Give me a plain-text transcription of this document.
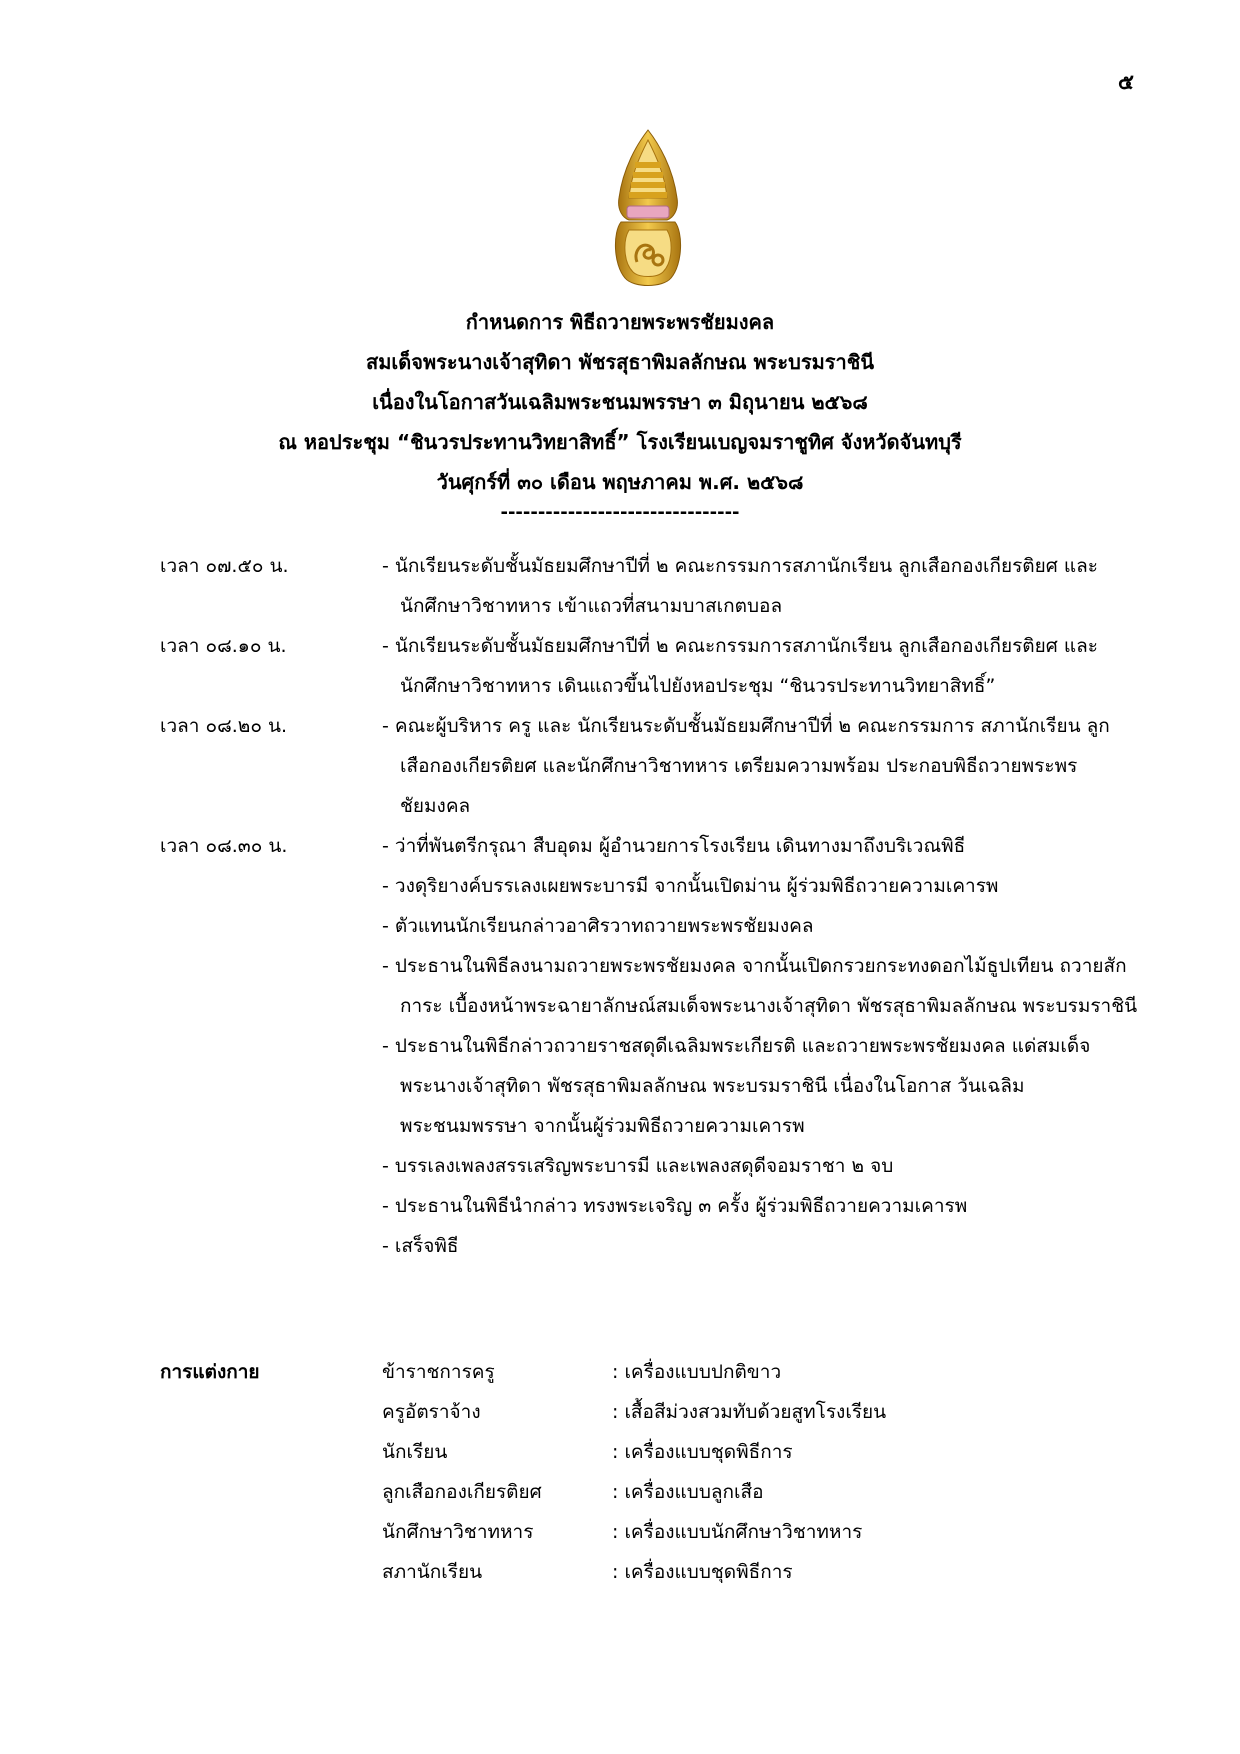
๕
กำหนดการ พิธีถวายพระพรชัยมงคล
สมเด็จพระนางเจ้าสุทิดา พัชรสุธาพิมลลักษณ พระบรมราชินี
เนื่องในโอกาสวันเฉลิมพระชนมพรรษา ๓ มิถุนายน ๒๕๖๘
ณ หอประชุม “ชินวรประทานวิทยาสิทธิ์” โรงเรียนเบญจมราชูทิศ จังหวัดจันทบุรี
วันศุกร์ที่ ๓๐ เดือน พฤษภาคม พ.ศ. ๒๕๖๘
--------------------------------
เวลา ๐๗.๕๐ น.	- นักเรียนระดับชั้นมัธยมศึกษาปีที่ ๒ คณะกรรมการสภานักเรียน ลูกเสือกองเกียรติยศ และนักศึกษาวิชาทหาร เข้าแถวที่สนามบาสเกตบอล
เวลา ๐๘.๑๐ น.	- นักเรียนระดับชั้นมัธยมศึกษาปีที่ ๒ คณะกรรมการสภานักเรียน ลูกเสือกองเกียรติยศ และนักศึกษาวิชาทหาร เดินแถวขึ้นไปยังหอประชุม “ชินวรประทานวิทยาสิทธิ์”
เวลา ๐๘.๒๐ น.	- คณะผู้บริหาร ครู และ นักเรียนระดับชั้นมัธยมศึกษาปีที่ ๒ คณะกรรมการ สภานักเรียน ลูกเสือกองเกียรติยศ และนักศึกษาวิชาทหาร เตรียมความพร้อม ประกอบพิธีถวายพระพรชัยมงคล
เวลา ๐๘.๓๐ น.	- ว่าที่พันตรีกรุณา สืบอุดม ผู้อำนวยการโรงเรียน เดินทางมาถึงบริเวณพิธี
- วงดุริยางค์บรรเลงเผยพระบารมี จากนั้นเปิดม่าน ผู้ร่วมพิธีถวายความเคารพ
- ตัวแทนนักเรียนกล่าวอาศิรวาทถวายพระพรชัยมงคล
- ประธานในพิธีลงนามถวายพระพรชัยมงคล จากนั้นเปิดกรวยกระทงดอกไม้ธูปเทียน ถวายสักการะ เบื้องหน้าพระฉายาลักษณ์สมเด็จพระนางเจ้าสุทิดา พัชรสุธาพิมลลักษณ พระบรมราชินี
- ประธานในพิธีกล่าวถวายราชสดุดีเฉลิมพระเกียรติ และถวายพระพรชัยมงคล แด่สมเด็จพระนางเจ้าสุทิดา พัชรสุธาพิมลลักษณ พระบรมราชินี เนื่องในโอกาส วันเฉลิมพระชนมพรรษา จากนั้นผู้ร่วมพิธีถวายความเคารพ
- บรรเลงเพลงสรรเสริญพระบารมี และเพลงสดุดีจอมราชา ๒ จบ
- ประธานในพิธีนำกล่าว ทรงพระเจริญ ๓ ครั้ง ผู้ร่วมพิธีถวายความเคารพ
- เสร็จพิธี
การแต่งกาย	ข้าราชการครู	: เครื่องแบบปกติขาว
ครูอัตราจ้าง	: เสื้อสีม่วงสวมทับด้วยสูทโรงเรียน
นักเรียน	: เครื่องแบบชุดพิธีการ
ลูกเสือกองเกียรติยศ	: เครื่องแบบลูกเสือ
นักศึกษาวิชาทหาร	: เครื่องแบบนักศึกษาวิชาทหาร
สภานักเรียน	: เครื่องแบบชุดพิธีการ
